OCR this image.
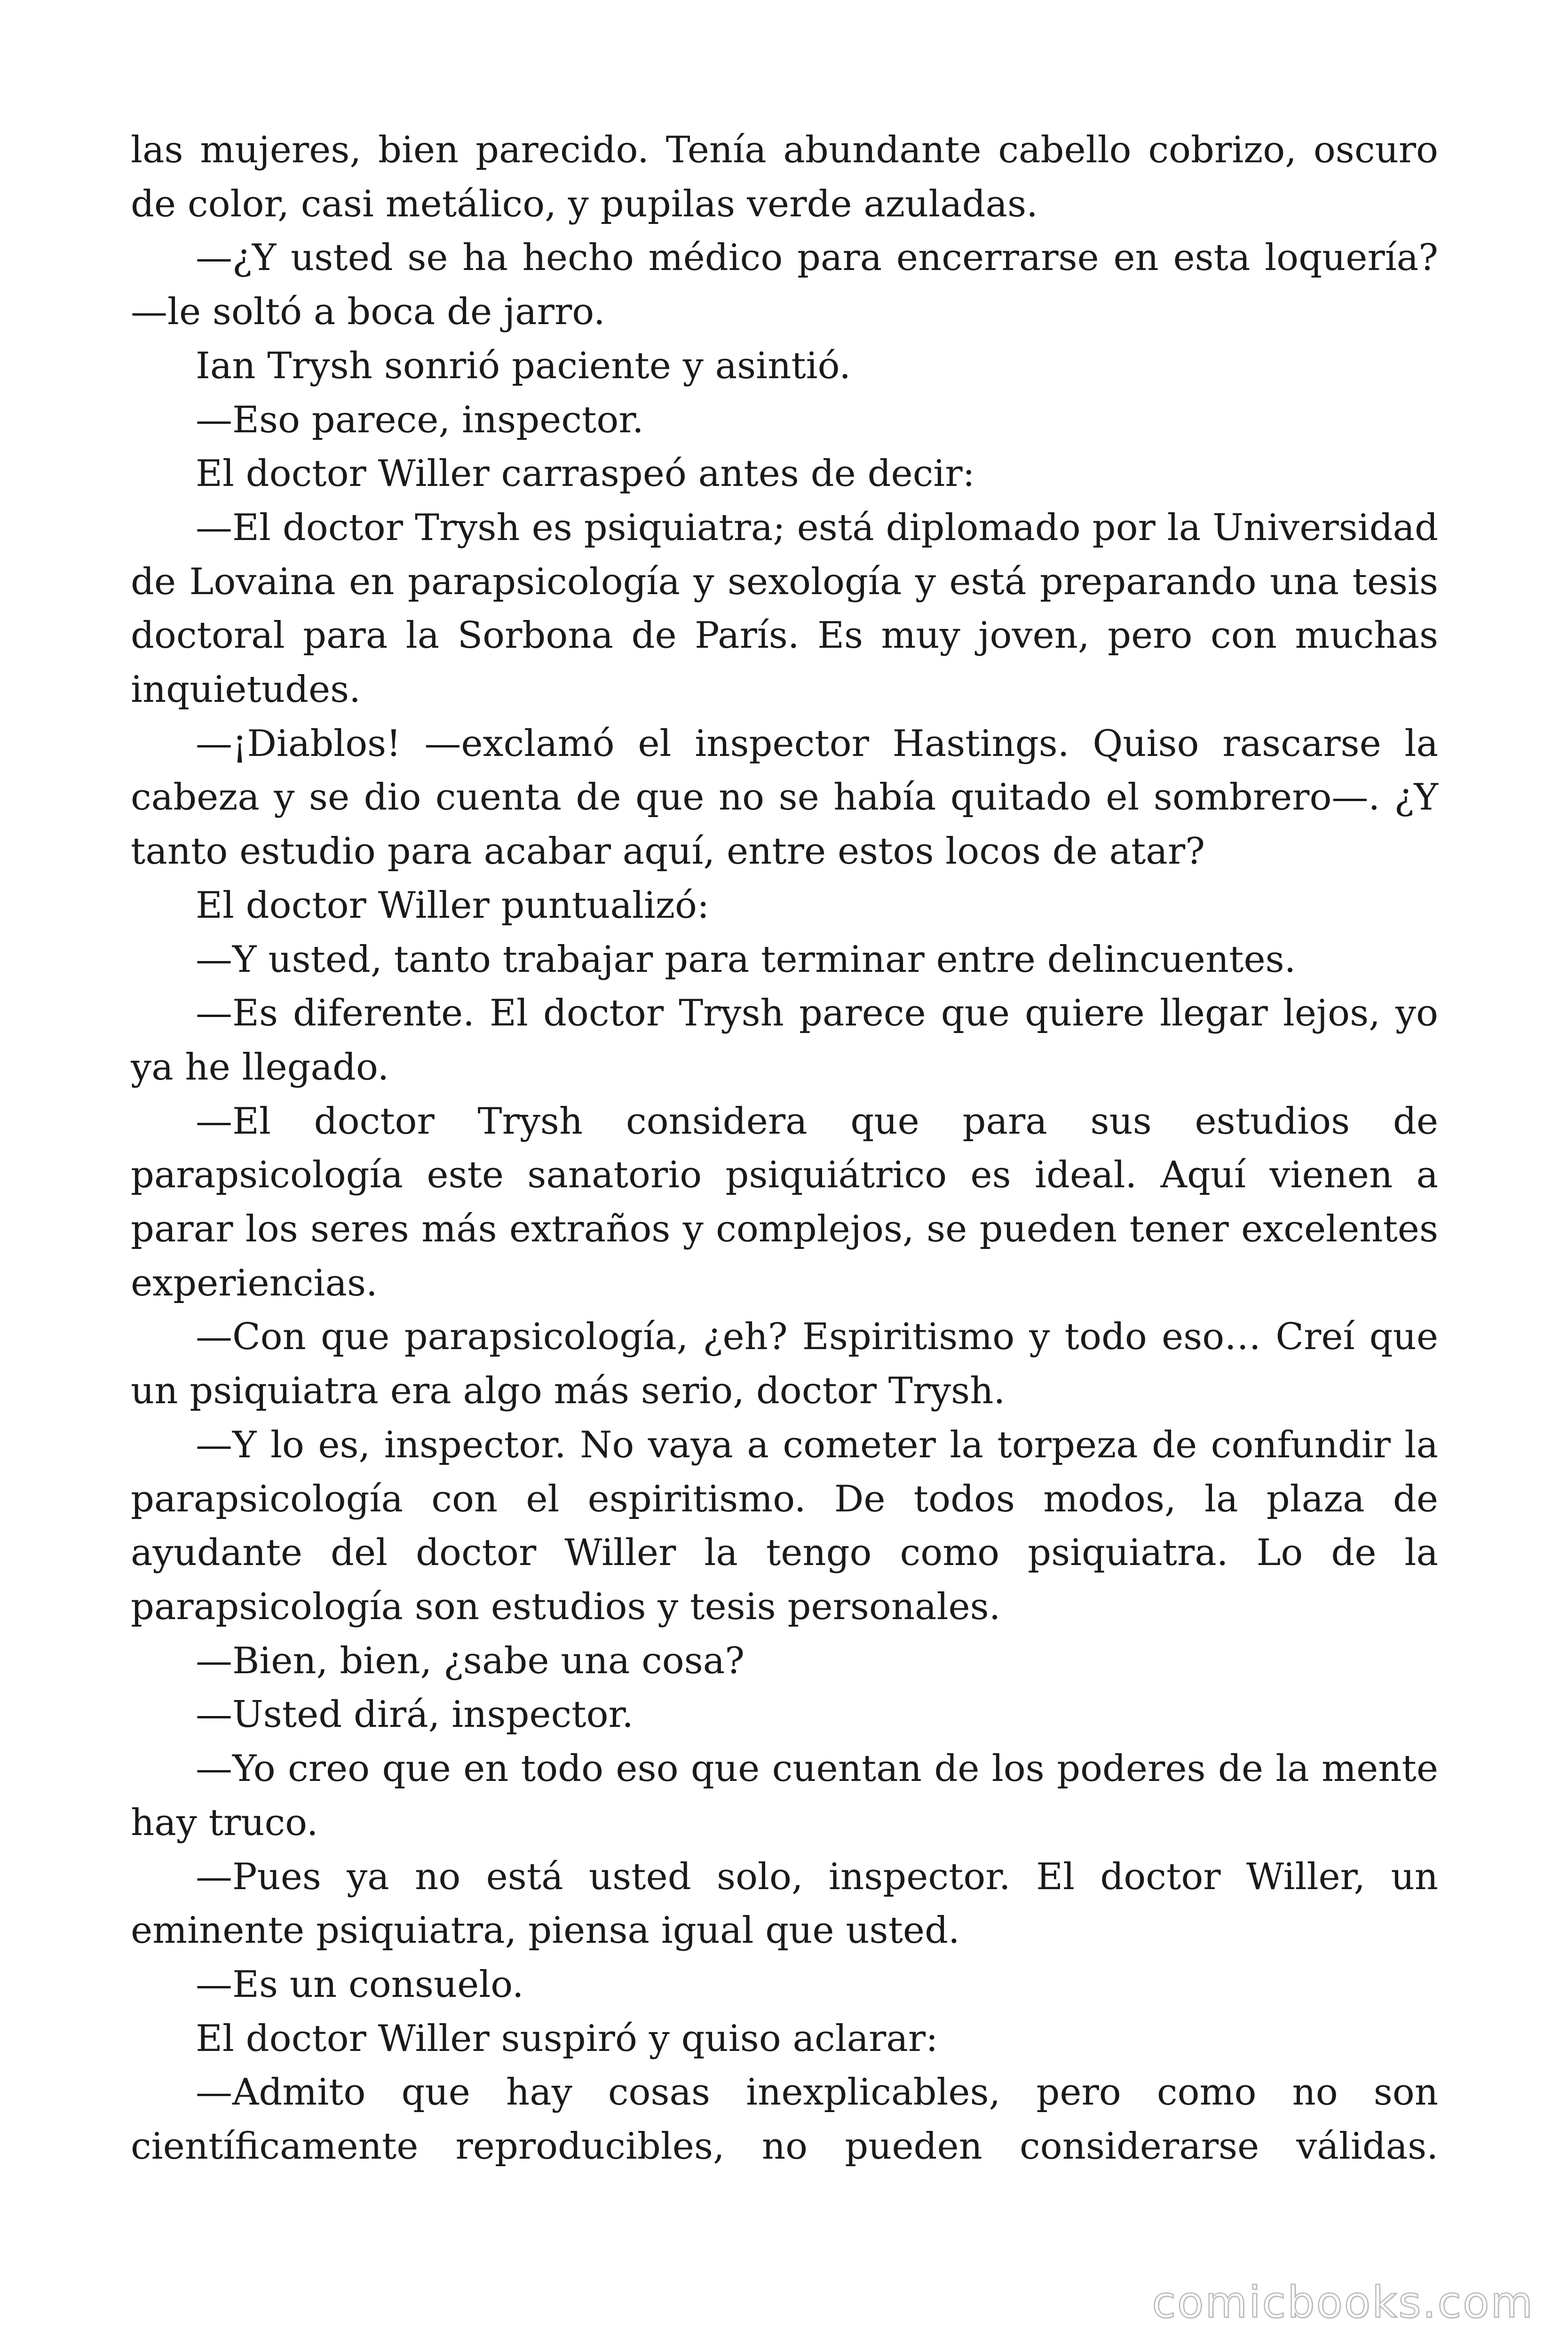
las mujeres, bien parecido. Tenía abundante cabello cobrizo, oscuro de color, casi metálico, y pupilas verde azuladas.

—¿Y usted se ha hecho médico para encerrarse en esta loquería? —le soltó a boca de jarro.

Ian Trysh sonrió paciente y asintió.

—Eso parece, inspector.

El doctor Willer carraspeó antes de decir:

—El doctor Trysh es psiquiatra; está diplomado por la Universidad de Lovaina en parapsicología y sexología y está preparando una tesis doctoral para la Sorbona de París. Es muy joven, pero con muchas inquietudes.

—¡Diablos! —exclamó el inspector Hastings. Quiso rascarse la cabeza y se dio cuenta de que no se había quitado el sombrero—. ¿Y tanto estudio para acabar aquí, entre estos locos de atar?

El doctor Willer puntualizó:

—Y usted, tanto trabajar para terminar entre delincuentes.

—Es diferente. El doctor Trysh parece que quiere llegar lejos, yo ya he llegado.

—El doctor Trysh considera que para sus estudios de parapsicología este sanatorio psiquiátrico es ideal. Aquí vienen a parar los seres más extraños y complejos, se pueden tener excelentes experiencias.

—Con que parapsicología, ¿eh? Espiritismo y todo eso… Creí que un psiquiatra era algo más serio, doctor Trysh.

—Y lo es, inspector. No vaya a cometer la torpeza de confundir la parapsicología con el espiritismo. De todos modos, la plaza de ayudante del doctor Willer la tengo como psiquiatra. Lo de la parapsicología son estudios y tesis personales.

—Bien, bien, ¿sabe una cosa?

—Usted dirá, inspector.

—Yo creo que en todo eso que cuentan de los poderes de la mente hay truco.

—Pues ya no está usted solo, inspector. El doctor Willer, un eminente psiquiatra, piensa igual que usted.

—Es un consuelo.

El doctor Willer suspiró y quiso aclarar:

—Admito que hay cosas inexplicables, pero como no son científicamente reproducibles, no pueden considerarse válidas.

comicbooks.com
